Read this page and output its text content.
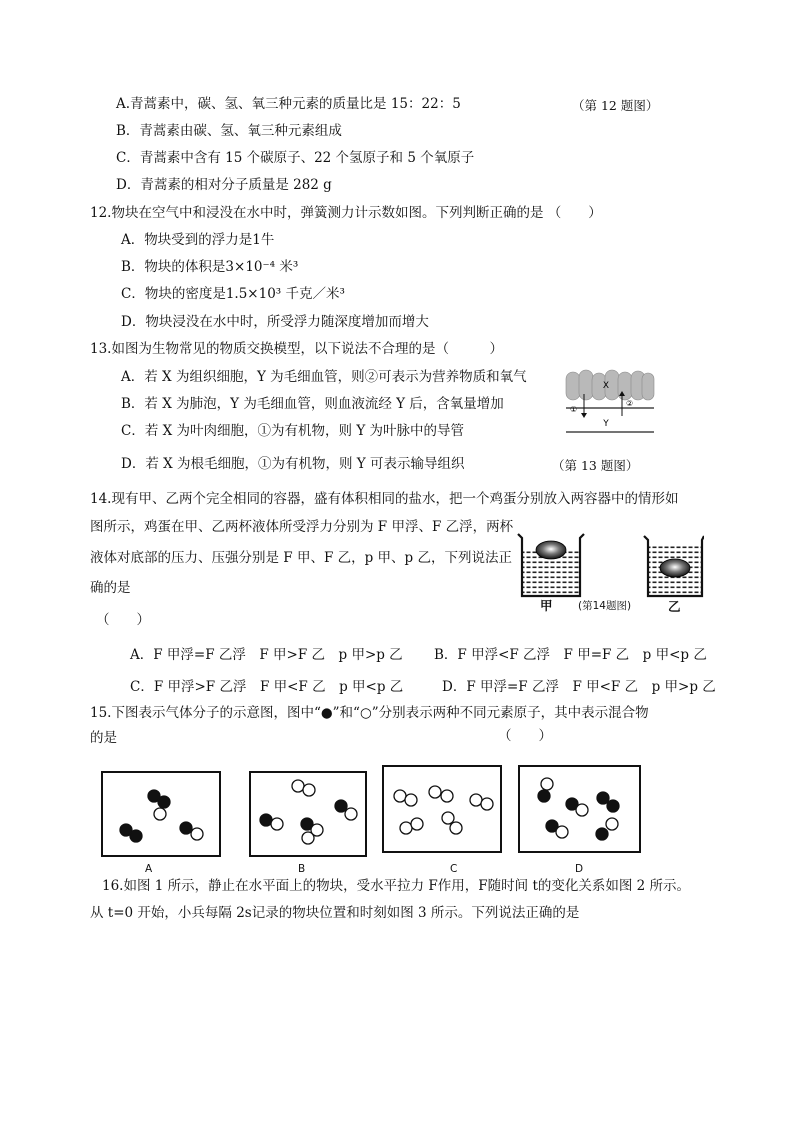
A.青蒿素中，碳、氢、氧三种元素的质量比是 15：22：5	（第 12 题图）
B．青蒿素由碳、氢、氧三种元素组成
C．青蒿素中含有 15 个碳原子、22 个氢原子和 5 个氧原子
D．青蒿素的相对分子质量是 282 g
12.物块在空气中和浸没在水中时，弹簧测力计示数如图。下列判断正确的是 （　　）
A．物块受到的浮力是1牛
B．物块的体积是3×10⁻⁴ 米³
C．物块的密度是1.5×10³ 千克／米³
D．物块浸没在水中时，所受浮力随深度增加而增大
13.如图为生物常见的物质交换模型，以下说法不合理的是（　　　）
A．若 X 为组织细胞，Y 为毛细血管，则②可表示为营养物质和氧气
B．若 X 为肺泡，Y 为毛细血管，则血液流经 Y 后，含氧量增加
C．若 X 为叶肉细胞，①为有机物，则 Y 为叶脉中的导管
D．若 X 为根毛细胞，①为有机物，则 Y 可表示输导组织	（第 13 题图）
X
Y
①
②
14.现有甲、乙两个完全相同的容器，盛有体积相同的盐水，把一个鸡蛋分别放入两容器中的情形如
图所示，鸡蛋在甲、乙两杯液体所受浮力分别为 F 甲浮、F 乙浮，两杯
液体对底部的压力、压强分别是 F 甲、F 乙，p 甲、p 乙，下列说法正
确的是
（　　）
甲 (第14题图)	乙
A．F 甲浮=F 乙浮　F 甲>F 乙　p 甲>p 乙 B．F 甲浮<F 乙浮　F 甲=F 乙　p 甲<p 乙
C．F 甲浮>F 乙浮　F 甲<F 乙　p 甲<p 乙	D．F 甲浮=F 乙浮　F 甲<F 乙　p 甲>p 乙
15.下图表示气体分子的示意图，图中“●”和“○”分别表示两种不同元素原子，其中表示混合物
的是	（　　）
A	B	C	D
16.如图 1 所示，静止在水平面上的物块，受水平拉力 F作用，F随时间 t的变化关系如图 2 所示。
从 t=0 开始，小兵每隔 2s记录的物块位置和时刻如图 3 所示。下列说法正确的是
